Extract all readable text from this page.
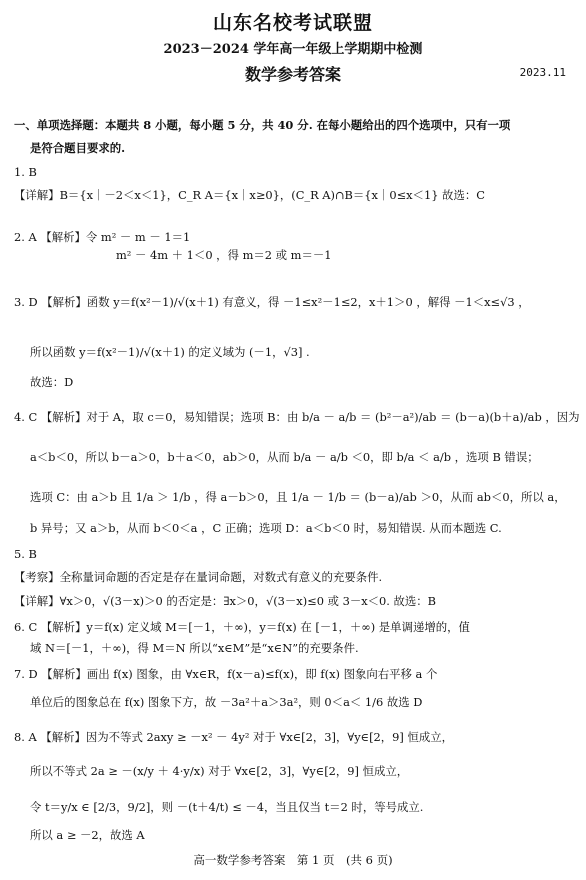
山东名校考试联盟
2023－2024 学年高一年级上学期期中检测
数学参考答案	2023.11
一、单项选择题：本题共 8 小题，每小题 5 分，共 40 分. 在每小题给出的四个选项中，只有一项
是符合题目要求的.
1. B
【详解】B＝{x｜－2＜x＜1}，C_R A＝{x｜x≥0}，(C_R A)∩B＝{x｜0≤x＜1} 故选：C
2. A 【解析】令 m² － m － 1＝1
m² － 4m ＋ 1＜0 ，得 m＝2 或 m＝－1
3. D 【解析】函数 y＝f(x²－1)/√(x＋1) 有意义，得 －1≤x²－1≤2，x＋1＞0 ，解得 －1＜x≤√3 ，
所以函数 y＝f(x²－1)/√(x＋1) 的定义域为 (－1，√3] .
故选：D
4. C 【解析】对于 A，取 c＝0，易知错误；选项 B：由 b/a － a/b ＝ (b²－a²)/ab ＝ (b－a)(b＋a)/ab ，因为
a＜b＜0，所以 b－a＞0，b＋a＜0，ab＞0，从而 b/a － a/b ＜0，即 b/a ＜ a/b ，选项 B 错误；
选项 C：由 a＞b 且 1/a ＞ 1/b ，得 a－b＞0，且 1/a － 1/b ＝ (b－a)/ab ＞0，从而 ab＜0，所以 a，
b 异号；又 a＞b，从而 b＜0＜a ，C 正确；选项 D：a＜b＜0 时，易知错误. 从而本题选 C.
5. B
【考察】全称量词命题的否定是存在量词命题，对数式有意义的充要条件.
【详解】∀x＞0，√(3－x)＞0 的否定是：∃x＞0，√(3－x)≤0 或 3－x＜0. 故选：B
6. C 【解析】y＝f(x) 定义域 M＝[－1，＋∞)，y＝f(x) 在 [－1，＋∞) 是单调递增的，值
域 N＝[－1，＋∞)，得 M＝N 所以“x∈M”是“x∈N”的充要条件.
7. D 【解析】画出 f(x) 图象，由 ∀x∈R，f(x－a)≤f(x)，即 f(x) 图象向右平移 a 个
单位后的图象总在 f(x) 图象下方，故 －3a²＋a＞3a²，则 0＜a＜ 1/6 故选 D
8. A 【解析】因为不等式 2axy ≥ －x² － 4y² 对于 ∀x∈[2，3]，∀y∈[2，9] 恒成立，
所以不等式 2a ≥ －(x/y ＋ 4·y/x) 对于 ∀x∈[2，3]，∀y∈[2，9] 恒成立，
令 t＝y/x ∈ [2/3，9/2]，则 －(t＋4/t) ≤ －4，当且仅当 t＝2 时，等号成立.
所以 a ≥ －2，故选 A
高一数学参考答案　第 1 页　(共 6 页)
